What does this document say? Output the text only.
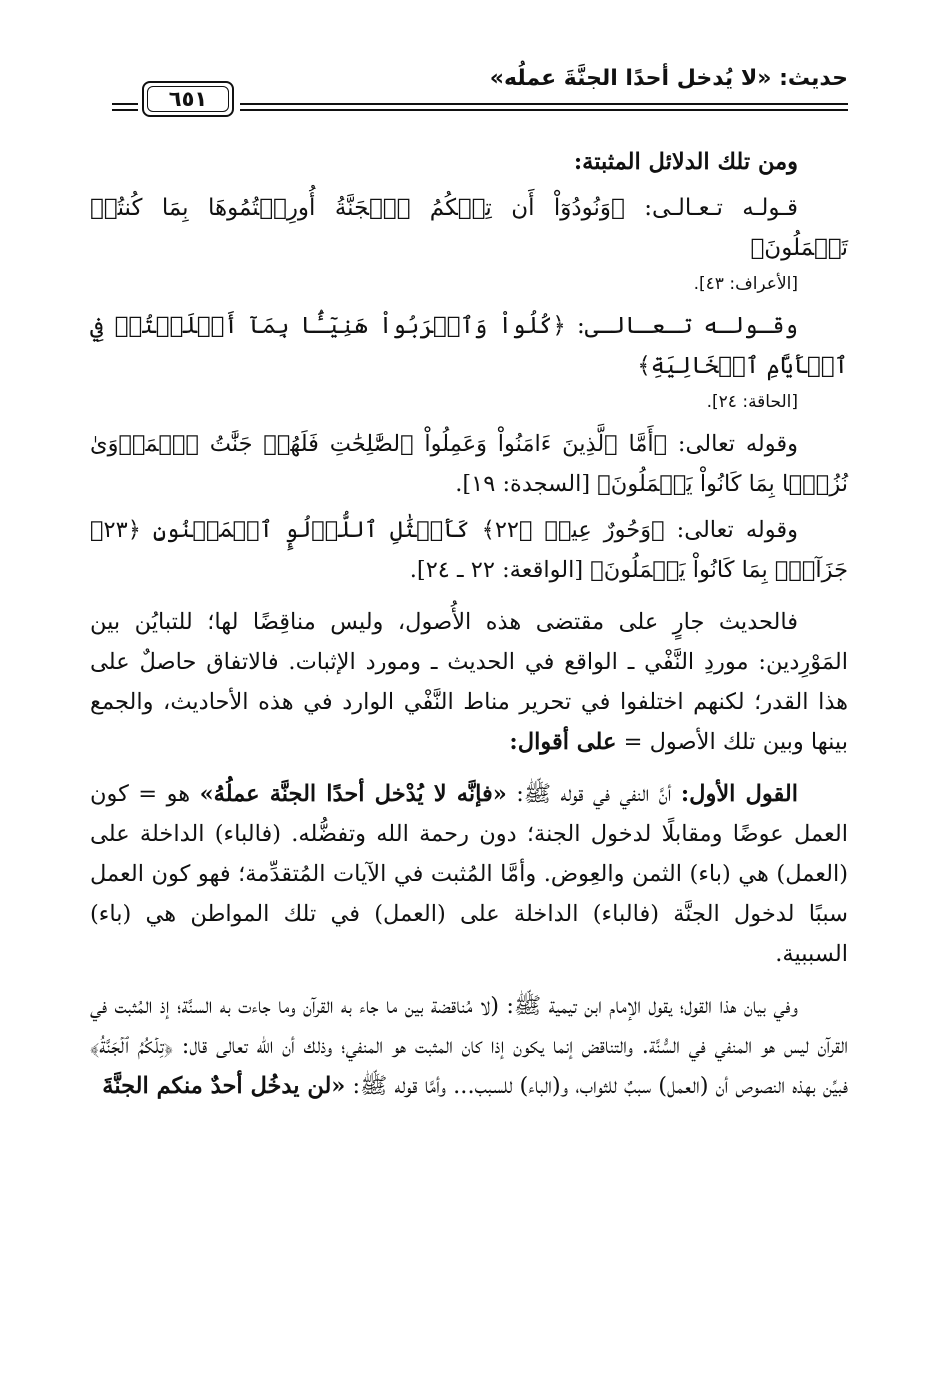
حديث: «لا يُدخل أحدًا الجنَّةَ عملُه»
٦٥١

ومن تلك الدلائل المثبتة:

قـولـه تـعـالـى: ﴿وَنُودُوٓاْ أَن تِلۡكُمُ ٱلۡجَنَّةُ أُورِثۡتُمُوهَا بِمَا كُنتُمۡ تَعۡمَلُونَ﴾
[الأعراف: ٤٣].

وقـولـه تـعـالـى: ﴿كُلُواْ وَٱشۡرَبُواْ هَنِيٓـَٔۢا بِمَآ أَسۡلَفۡتُمۡ فِي ٱلۡأَيَّامِ ٱلۡخَالِيَةِ﴾
[الحاقة: ٢٤].

وقوله تعالى: ﴿أَمَّا ٱلَّذِينَ ءَامَنُواْ وَعَمِلُواْ ٱلصَّٰلِحَٰتِ فَلَهُمۡ جَنَّٰتُ ٱلۡمَأۡوَىٰ نُزُلَۢا بِمَا كَانُواْ يَعۡمَلُونَ﴾ [السجدة: ١٩].

وقوله تعالى: ﴿وَحُورٌ عِينٞ ﴿٢٢﴾ كَأَمۡثَٰلِ ٱللُّؤۡلُوِٕ ٱلۡمَكۡنُونِ ﴿٢٣﴾ جَزَآءَۢ بِمَا كَانُواْ يَعۡمَلُونَ﴾ [الواقعة: ٢٢ ـ ٢٤].

فالحديث جارٍ على مقتضى هذه الأُصول، وليس مناقِضًا لها؛ للتبايُن بين المَوْرِدين: موردِ النَّفْي ـ الواقع في الحديث ـ ومورد الإثبات. فالاتفاق حاصلٌ على هذا القدر؛ لكنهم اختلفوا في تحرير مناط النَّفْي الوارد في هذه الأحاديث، والجمع بينها وبين تلك الأصول = على أقوال:

القول الأول: أنَّ النفي في قوله ﷺ: «فإنَّه لا يُدْخل أحدًا الجنَّة عملُهُ» هو = كون العمل عوضًا ومقابلًا لدخول الجنة؛ دون رحمة الله وتفضُّله. (فالباء) الداخلة على (العمل) هي (باء) الثمن والعِوض. وأمَّا المُثبت في الآيات المُتقدِّمة؛ فهو كون العمل سببًا لدخول الجنَّة (فالباء) الداخلة على (العمل) في تلك المواطن هي (باء) السببية.

وفي بيان هذا القول؛ يقول الإمام ابن تيمية ﷺ: (لا مُناقضة بين ما جاء به القرآن وما جاءت به السنَّة؛ إذ المُثبت في القرآن ليس هو المنفي في السُّنَّة. والتناقض إنما يكون إذا كان المثبت هو المنفي؛ وذلك أن الله تعالى قال: ﴿تِلۡكُمُ ٱلۡجَنَّةُ﴾ فبيِّن بهذه النصوص أن (العمل) سببٌ للثواب، و(الباء) للسبب... وأمَّا قوله ﷺ: «لن يدخُل أحدٌ منكم الجنَّةَ
